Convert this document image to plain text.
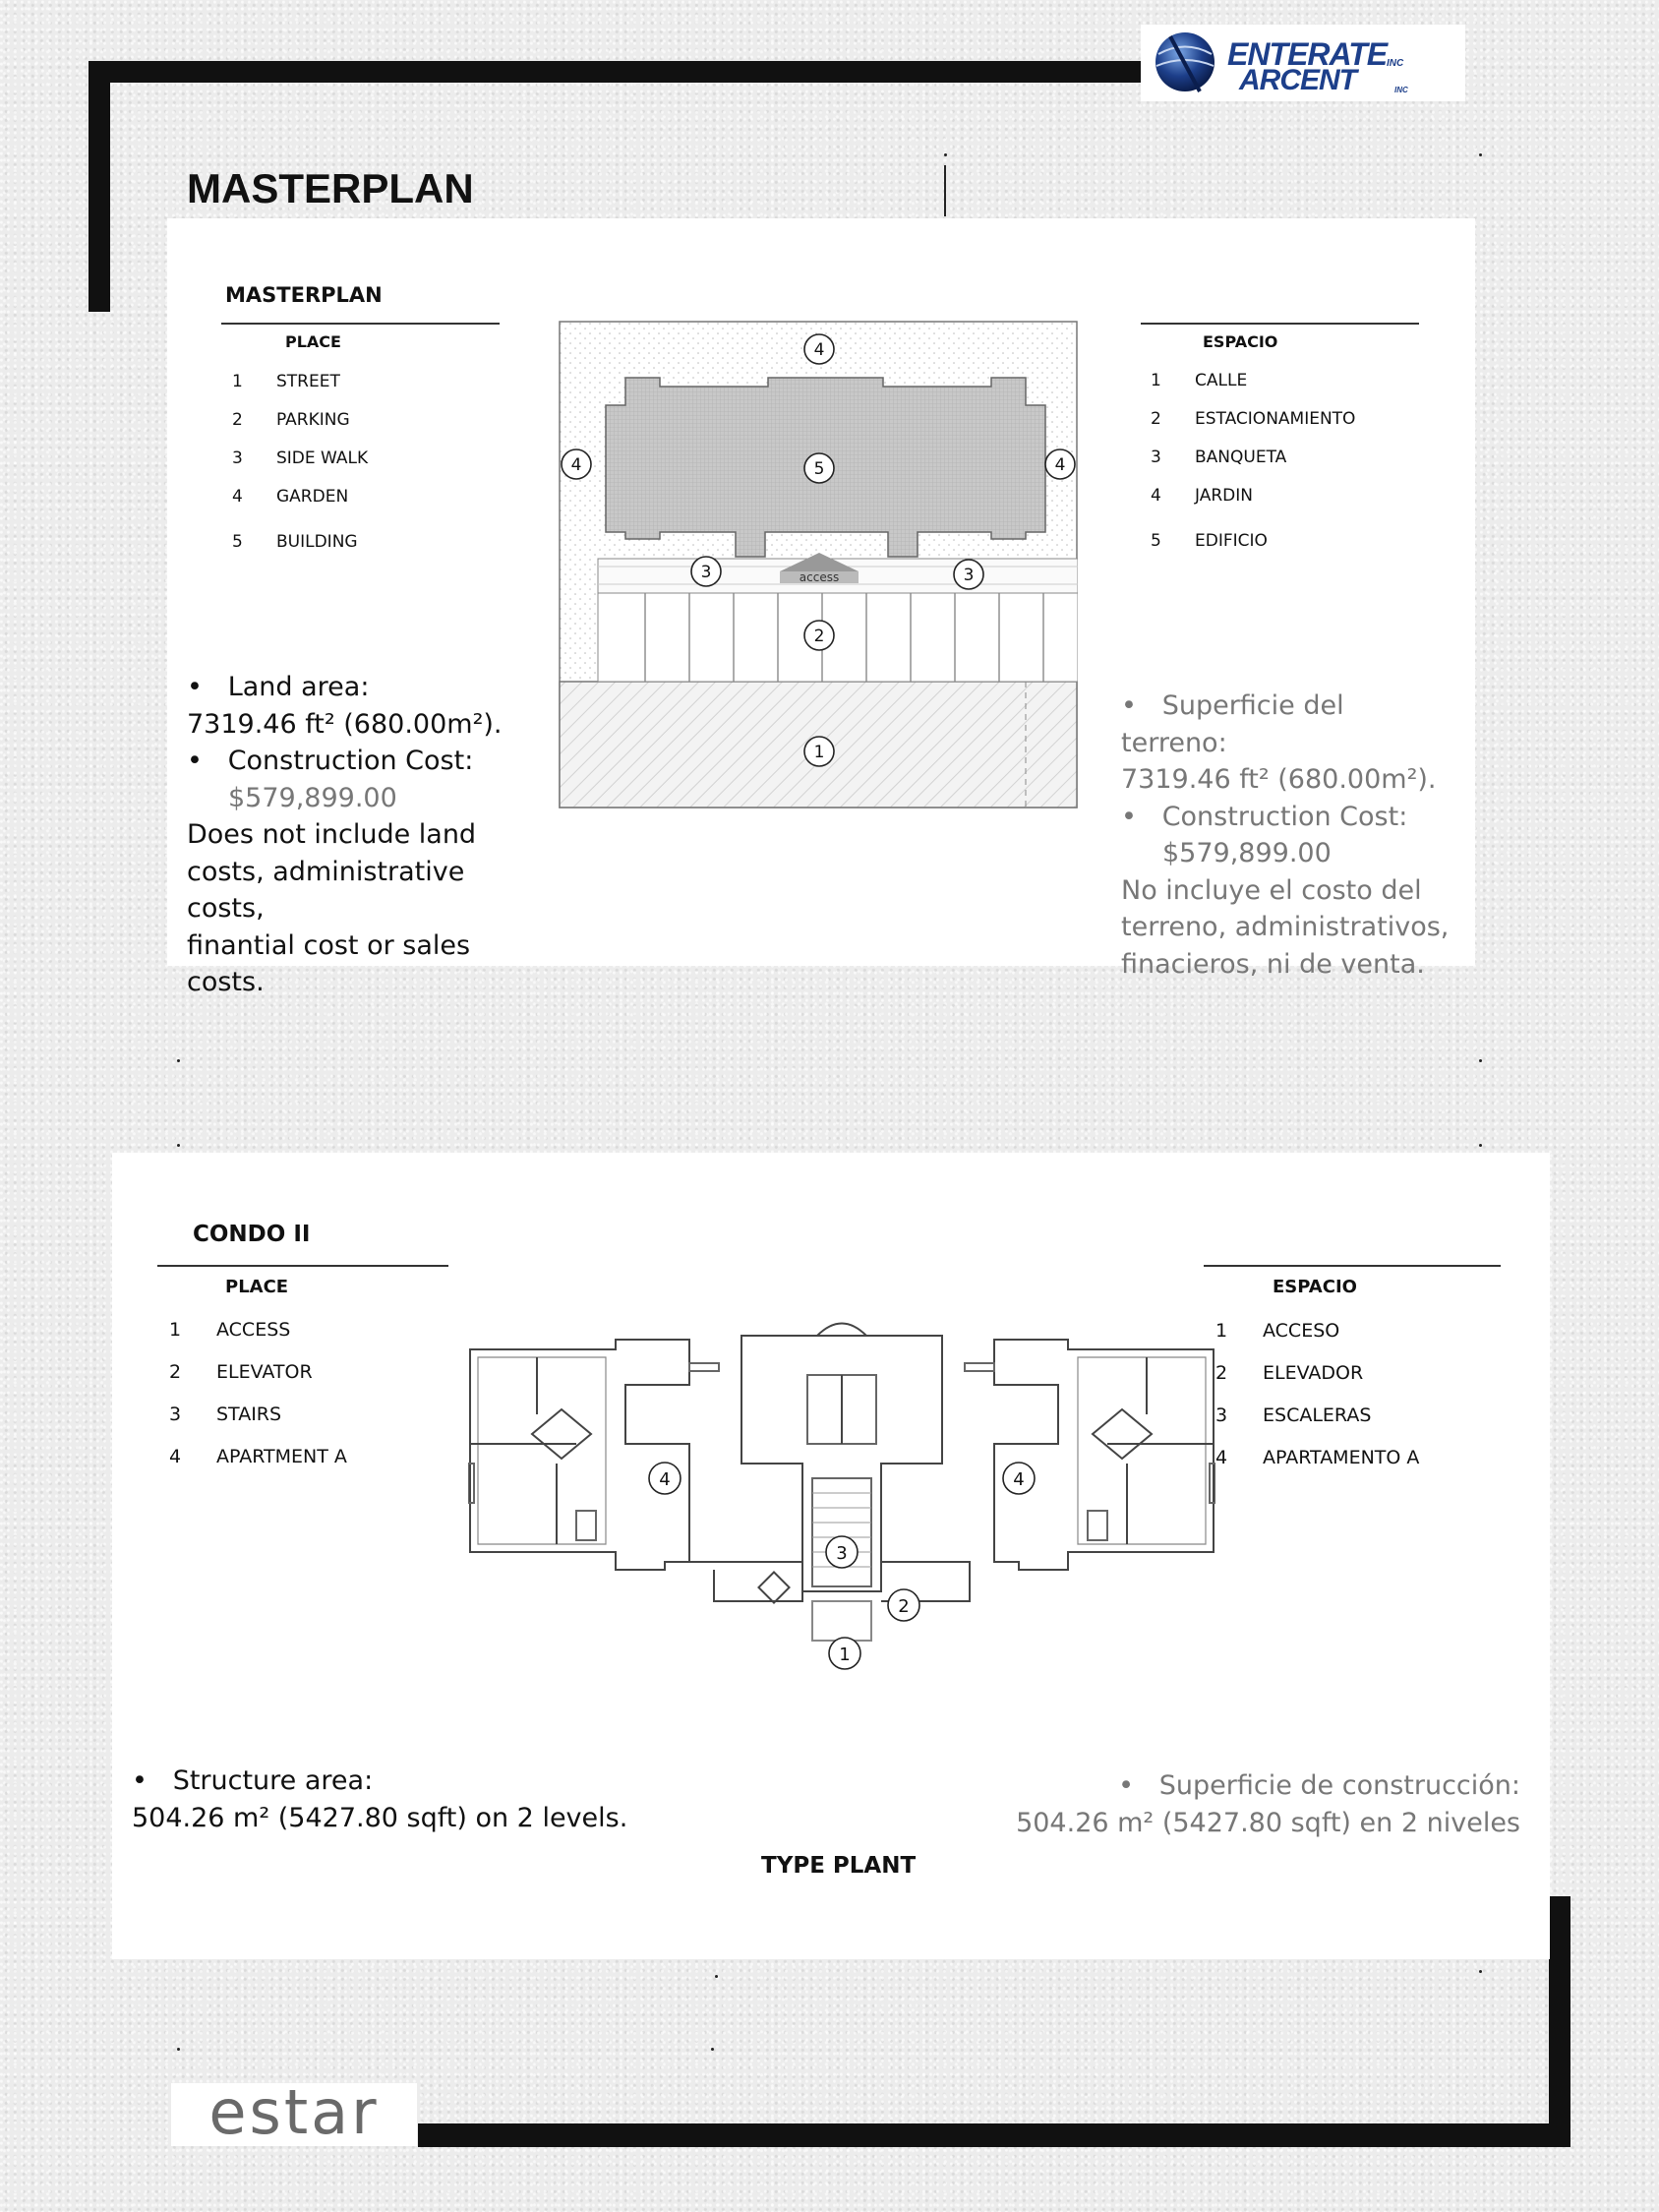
ENTERATE INC
ARCENT	INC
MASTERPLAN
MASTERPLAN
PLACE
1 STREET
2 PARKING
3 SIDE WALK
4 GARDEN
5 BUILDING
ESPACIO
1 CALLE
2 ESTACIONAMIENTO
3 BANQUETA
4 JARDIN
5 EDIFICIO
access
4
4	4
5
3	3
2
1
•   Land area:
7319.46 ft² (680.00m²).
•   Construction Cost:
$579,899.00
Does not include land
costs, administrative costs,
finantial cost or sales
costs.
•   Superficie del terreno:
7319.46 ft² (680.00m²).
•   Construction Cost:
$579,899.00
No incluye el costo del
terreno, administrativos,
finacieros, ni de venta.
CONDO II
PLACE
1 ACCESS
2 ELEVATOR
3 STAIRS
4 APARTMENT A
ESPACIO
1 ACCESO
2 ELEVADOR
3 ESCALERAS
4 APARTAMENTO A
4	4
3
2
1
•   Structure area:
504.26 m² (5427.80 sqft) on 2 levels.
•   Superficie de construcción:
504.26 m² (5427.80 sqft) en 2 niveles
TYPE PLANT
estar
